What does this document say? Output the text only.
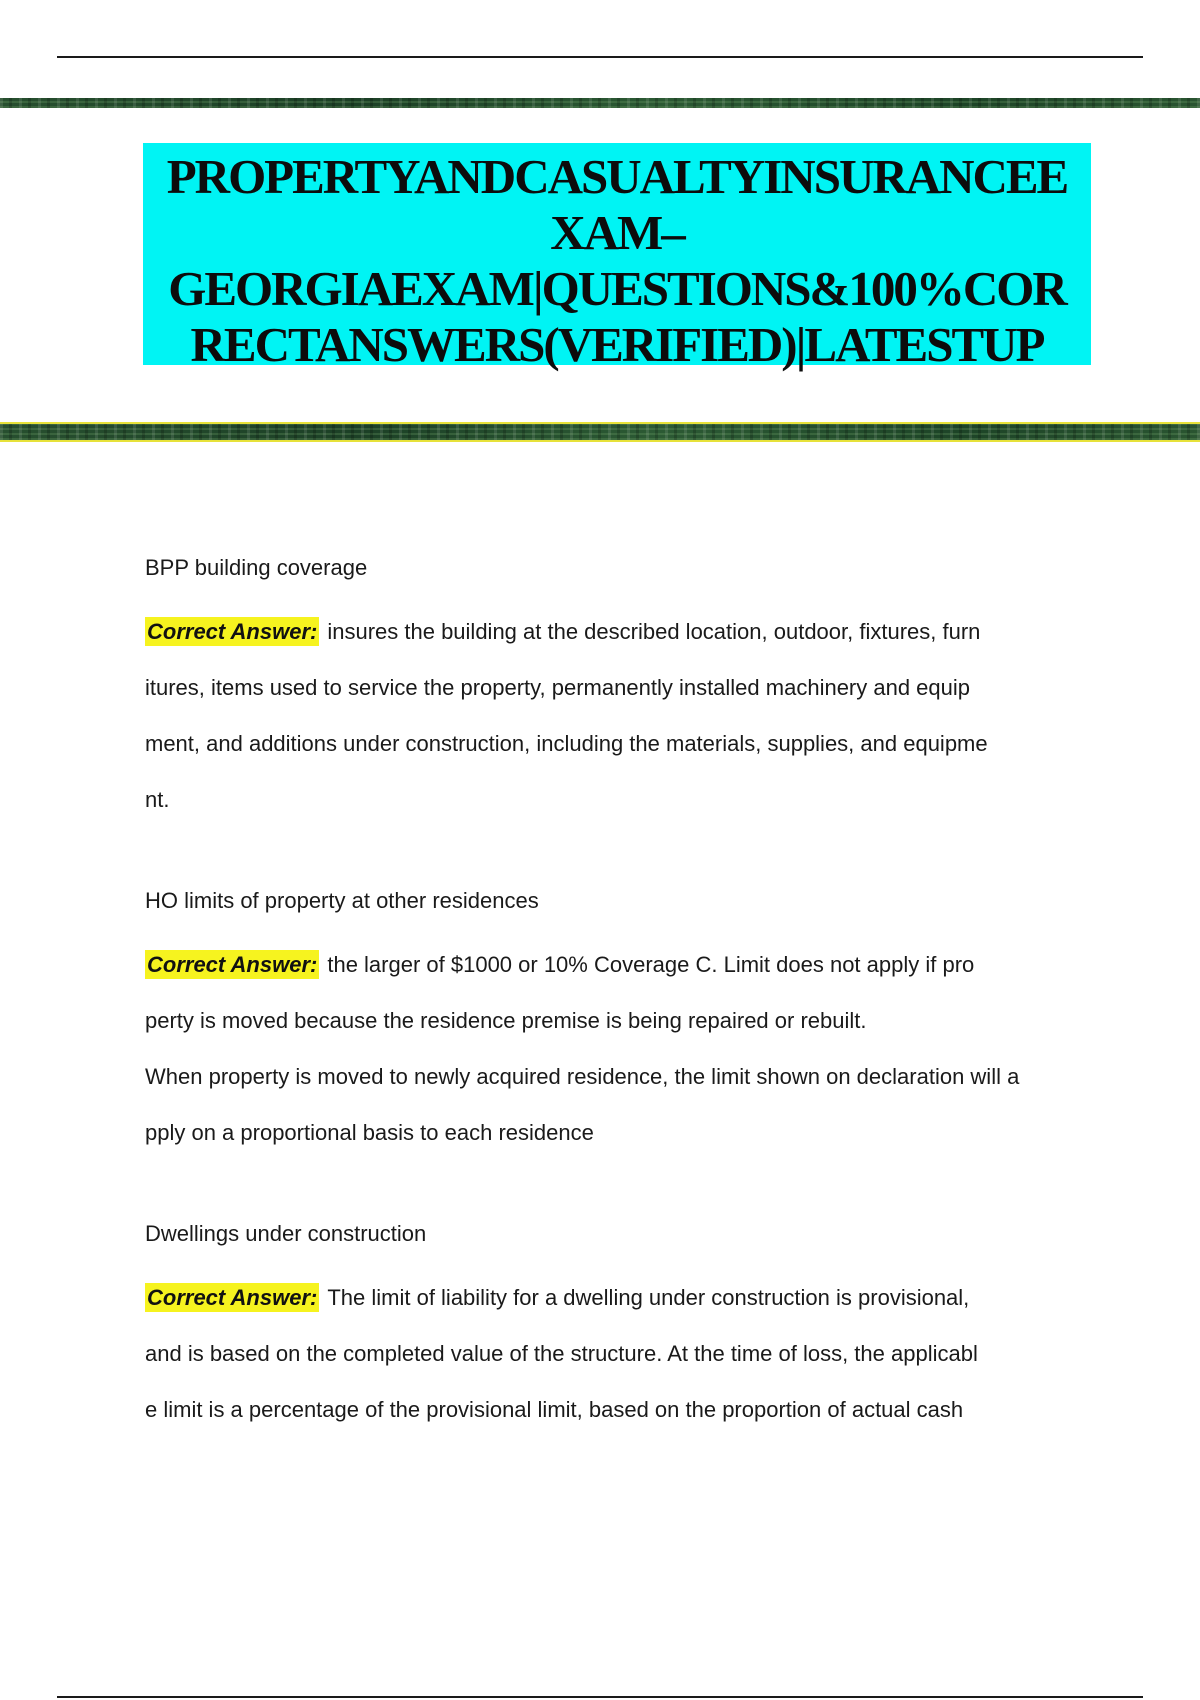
PROPERTYANDCASUALTYINSURANCEE

XAM–

GEORGIAEXAM|QUESTIONS&100%COR

RECTANSWERS(VERIFIED)|LATESTUP

BPP building coverage

Correct Answer: insures the building at the described location, outdoor, fixtures, furn

itures, items used to service the property, permanently installed machinery and equip

ment, and additions under construction, including the materials, supplies, and equipme

nt.

HO limits of property at other residences

Correct Answer: the larger of $1000 or 10% Coverage C. Limit does not apply if pro

perty is moved because the residence premise is being repaired or rebuilt.

When property is moved to newly acquired residence, the limit shown on declaration will a

pply on a proportional basis to each residence

Dwellings under construction

Correct Answer: The limit of liability for a dwelling under construction is provisional,

and is based on the completed value of the structure. At the time of loss, the applicabl

e limit is a percentage of the provisional limit, based on the proportion of actual cash
